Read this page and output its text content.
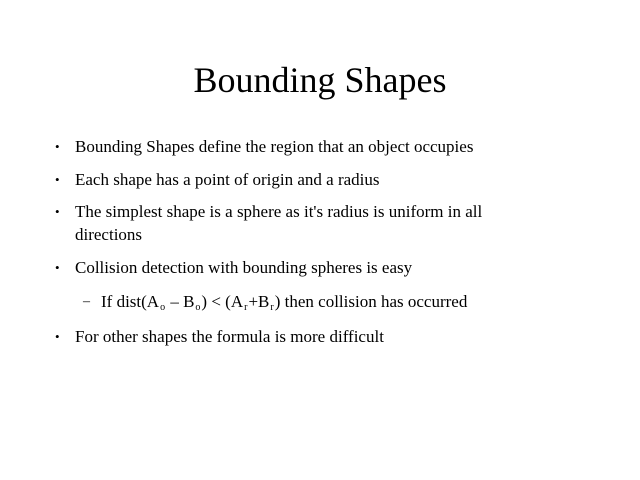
Bounding Shapes
• Bounding Shapes define the region that an object occupies
• Each shape has a point of origin and a radius
• The simplest shape is a sphere as it's radius is uniform in all directions
• Collision detection with bounding spheres is easy
– If $dist(A_o - B_o) < (A_r+B_r)$ then collision has occurred
• For other shapes the formula is more difficult
